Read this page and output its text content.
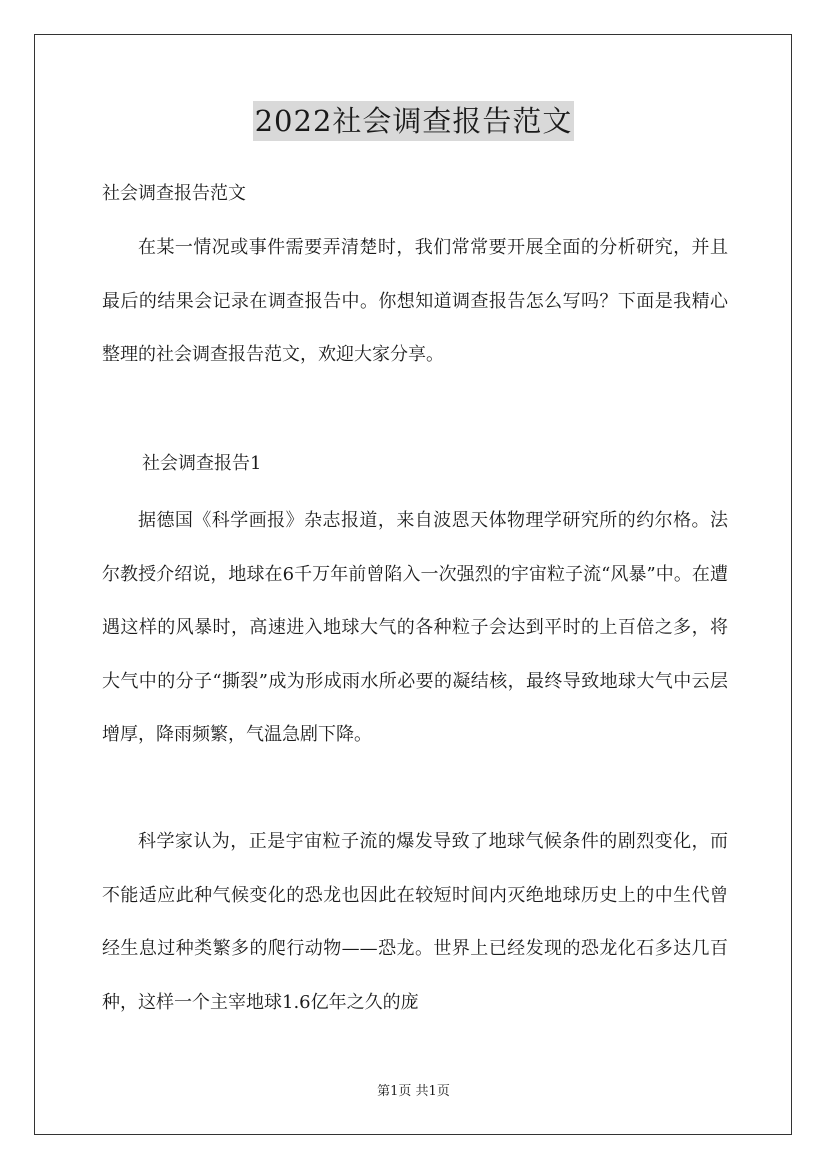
2022社会调查报告范文
社会调查报告范文

在某一情况或事件需要弄清楚时，我们常常要开展全面的分析研究，并且最后的结果会记录在调查报告中。你想知道调查报告怎么写吗？下面是我精心整理的社会调查报告范文，欢迎大家分享。

社会调查报告1

据德国《科学画报》杂志报道，来自波恩天体物理学研究所的约尔格。法尔教授介绍说，地球在6千万年前曾陷入一次强烈的宇宙粒子流“风暴”中。在遭遇这样的风暴时，高速进入地球大气的各种粒子会达到平时的上百倍之多，将大气中的分子“撕裂”成为形成雨水所必要的凝结核，最终导致地球大气中云层增厚，降雨频繁，气温急剧下降。

科学家认为，正是宇宙粒子流的爆发导致了地球气候条件的剧烈变化，而不能适应此种气候变化的恐龙也因此在较短时间内灭绝地球历史上的中生代曾经生息过种类繁多的爬行动物——恐龙。世界上已经发现的恐龙化石多达几百种，这样一个主宰地球1.6亿年之久的庞

第1页 共1页
